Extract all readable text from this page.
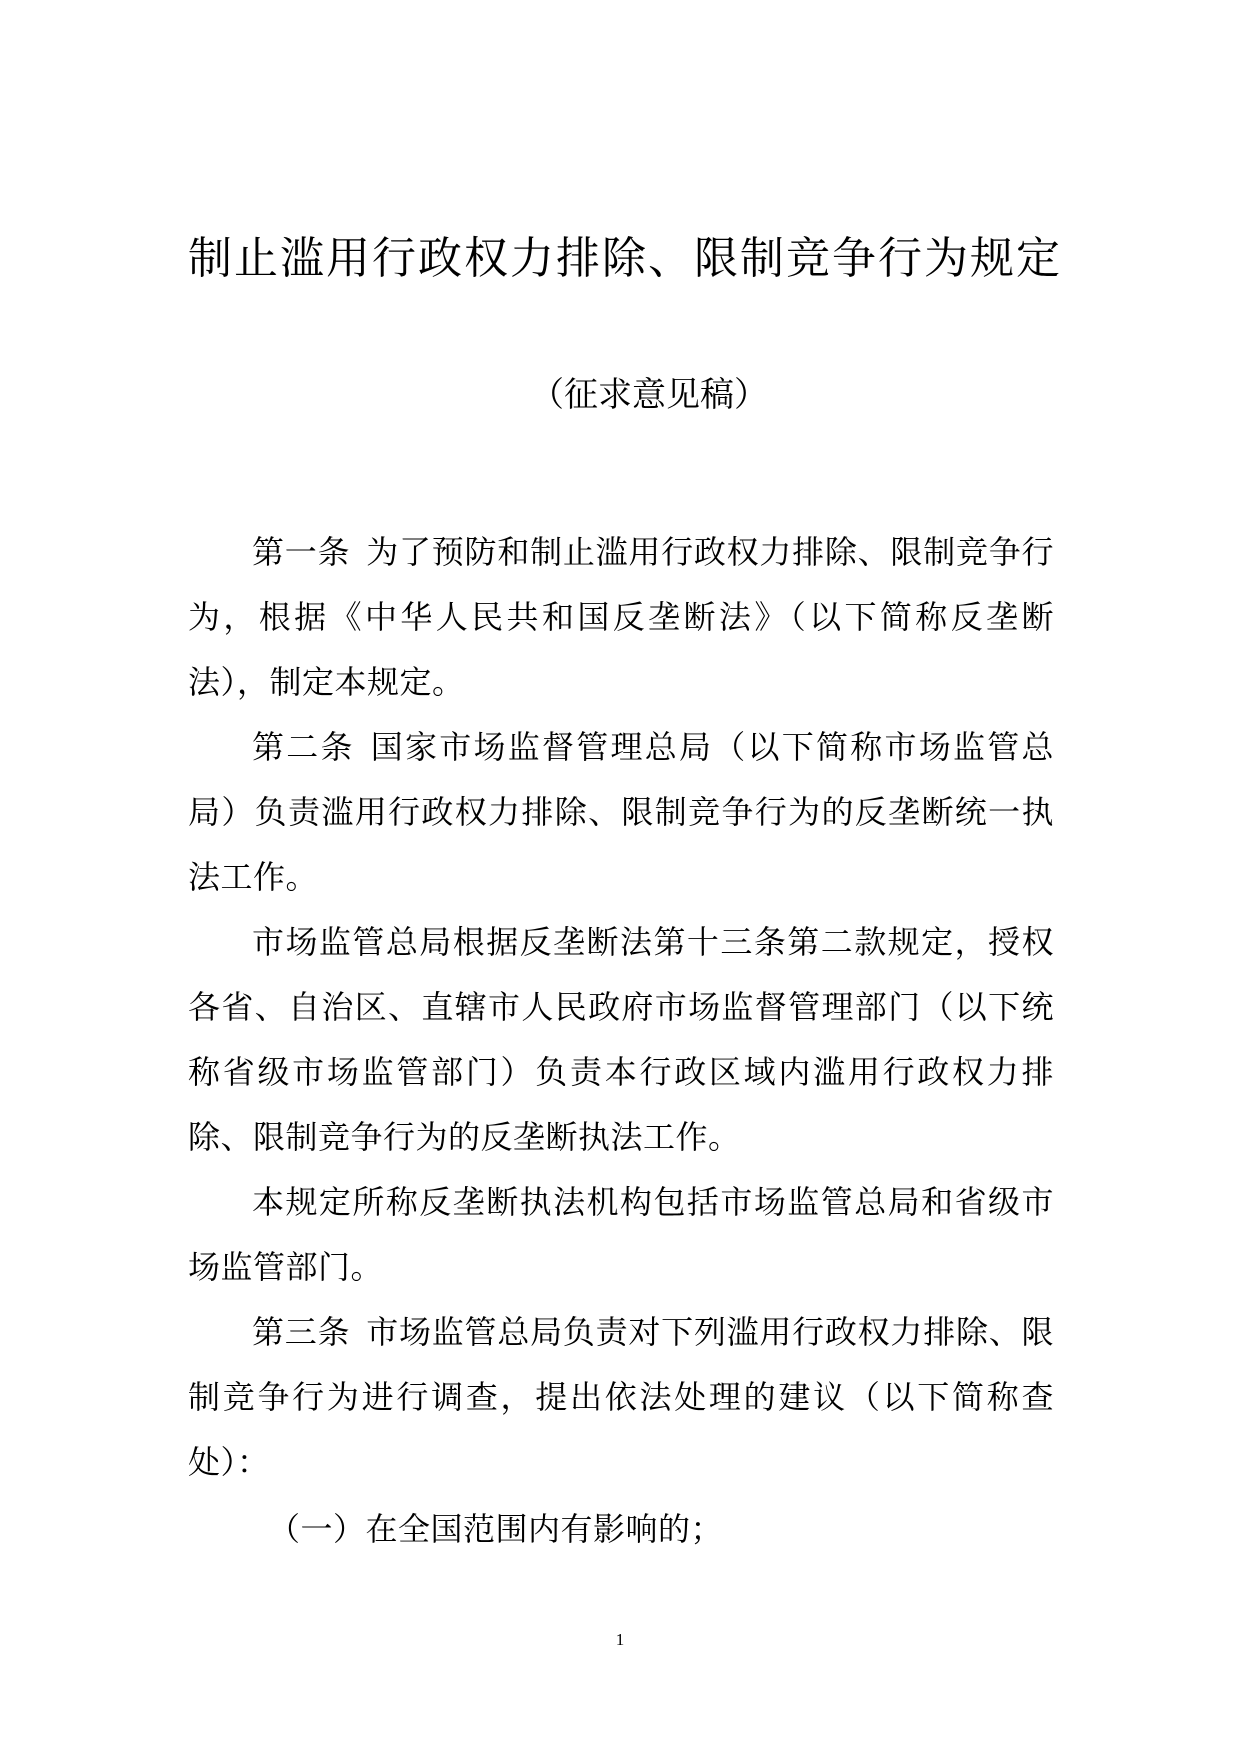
制止滥用行政权力排除、限制竞争行为规定
（征求意见稿）

第一条 为了预防和制止滥用行政权力排除、限制竞争行为，根据《中华人民共和国反垄断法》（以下简称反垄断法），制定本规定。

第二条 国家市场监督管理总局（以下简称市场监管总局）负责滥用行政权力排除、限制竞争行为的反垄断统一执法工作。

市场监管总局根据反垄断法第十三条第二款规定，授权各省、自治区、直辖市人民政府市场监督管理部门（以下统称省级市场监管部门）负责本行政区域内滥用行政权力排除、限制竞争行为的反垄断执法工作。

本规定所称反垄断执法机构包括市场监管总局和省级市场监管部门。

第三条 市场监管总局负责对下列滥用行政权力排除、限制竞争行为进行调查，提出依法处理的建议（以下简称查处）：

（一）在全国范围内有影响的；

1
